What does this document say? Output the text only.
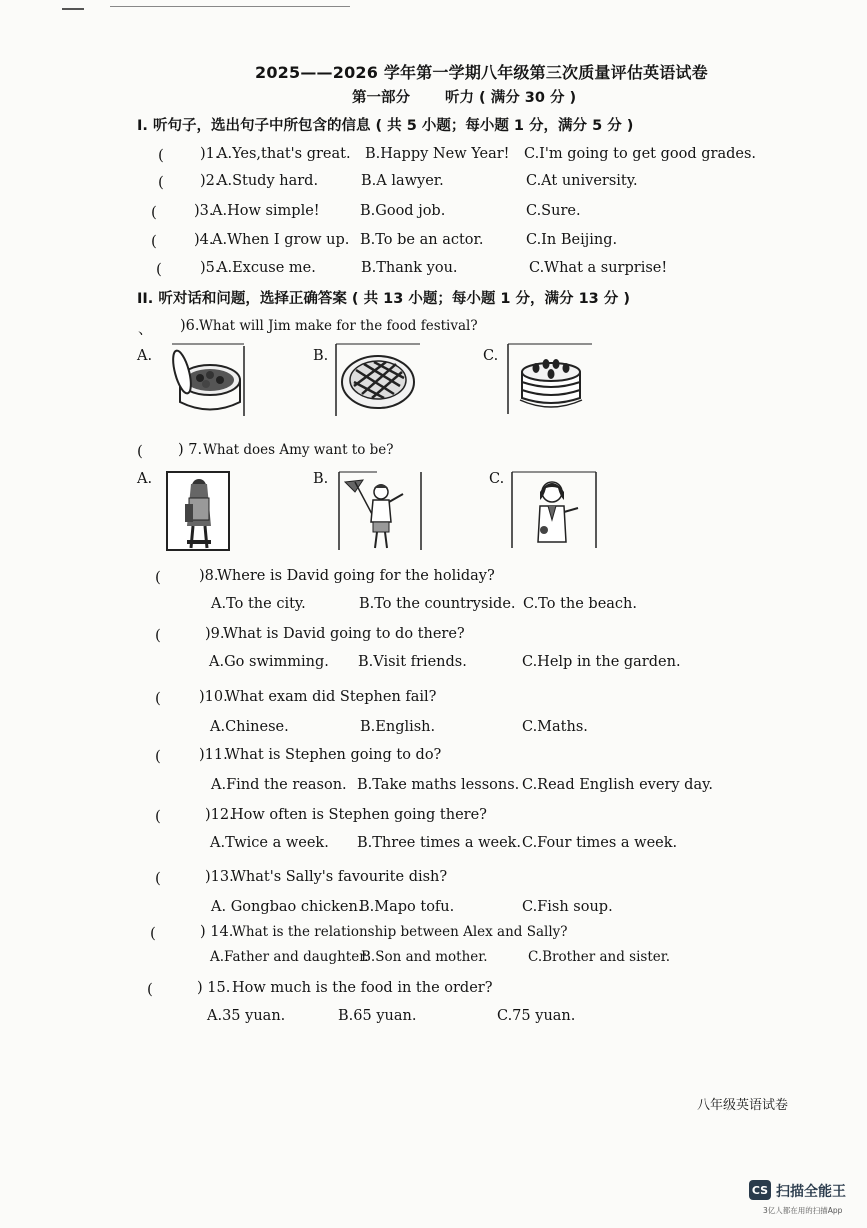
2025——2026 学年第一学期八年级第三次质量评估英语试卷
第一部分 听力 ( 满分 30 分 )
I. 听句子，选出句子中所包含的信息 ( 共 5 小题；每小题 1 分，满分 5 分 )
( )1.
A.Yes,that's great. B.Happy New Year! C.I'm going to get good grades.
( )2.
A.Study hard.	B.A lawyer.	C.At university.
(	)3.
A.How simple!	B.Good job.	C.Sure.
(	)4.
A.When I grow up. B.To be an actor.	C.In Beijing.
(	)5.
A.Excuse me.	B.Thank you.	C.What a surprise!
II. 听对话和问题，选择正确答案 ( 共 13 小题；每小题 1 分，满分 13 分 )
、 )6. What will Jim make for the food festival?
A.	B.	C.
( ) 7. What does Amy want to be?
A.	B.	C.
(	)8.
Where is David going for the holiday?
A.To the city.	B.To the countryside. C.To the beach.
(	)9.
What is David going to do there?
A.Go swimming. B.Visit friends.	C.Help in the garden.
(	)10.
What exam did Stephen fail?
A.Chinese.	B.English.	C.Maths.
(	)11.
What is Stephen going to do?
A.Find the reason. B.Take maths lessons. C.Read English every day.
(	)12.
How often is Stephen going there?
A.Twice a week. B.Three times a week. C.Four times a week.
(	)13.
What's Sally's favourite dish?
A. Gongbao chicken.
B.Mapo tofu.	C.Fish soup.
(	) 14.
What is the relationship between Alex and Sally?
A.Father and daughter.
B.Son and mother.	C.Brother and sister.
(	) 15. How much is the food in the order?
A.35 yuan.	B.65 yuan.	C.75 yuan.
八年级英语试卷
CS 扫描全能王
3亿人都在用的扫描App
